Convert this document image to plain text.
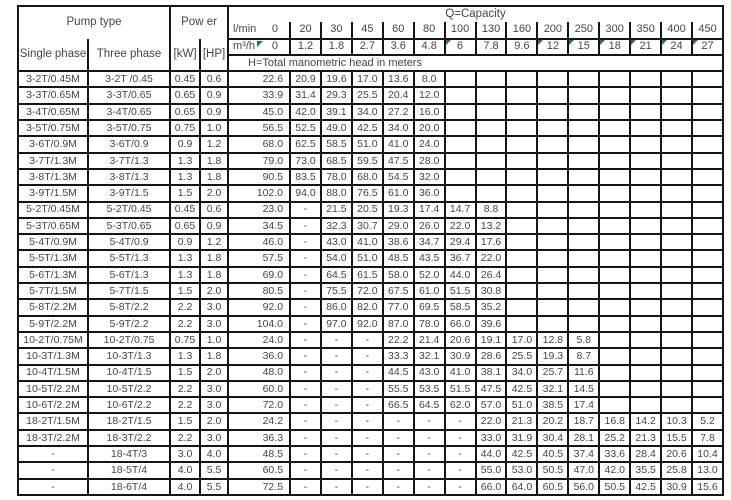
Pump type		Pow er		Q=Capacity														

				l/min 0	20	30	45	60	80	100	130	160	200	250	300	350	400	450
Single phase	Three phase	[kW]	[HP]	m³/h 0	1.2	1.8	2.7	3.6	4.8	6	7.8	9.6	12	15	18	21	24	27

				H=Total manometric head in meters														
3-2T/0.45M	3-2T /0.45	0.45	0.6	22.6	20.9	19.6	17.0	13.6	8.0									
3-3T/0.65M	3-3T/0.65	0.65	0.9	33.9	31.4	29.3	25.5	20.4	12.0									
3-4T/0.65M	3-4T/0.65	0.65	0.9	45.0	42.0	39.1	34.0	27.2	16.0									
3-5T/0.75M	3-5T/0.75	0.75	1.0	56.5	52.5	49.0	42.5	34.0	20.0									
3-6T/0.9M	3-6T/0.9	0.9	1.2	68.0	62.5	58.5	51.0	41.0	24.0									
3-7T/1.3M	3-7T/1.3	1.3	1.8	79.0	73.0	68.5	59.5	47.5	28.0									
3-8T/1.3M	3-8T/1.3	1.3	1.8	90.5	83.5	78.0	68.0	54.5	32.0									
3-9T/1.5M	3-9T/1.5	1.5	2.0	102.0	94.0	88.0	76.5	61.0	36.0									
5-2T/0.45M	5-2T/0.45	0.45	0.6	23.0	-	21.5	20.5	19.3	17.4	14.7	8.8							
5-3T/0.65M	5-3T/0.65	0.65	0.9	34.5	-	32.3	30.7	29.0	26.0	22.0	13.2							
5-4T/0.9M	5-4T/0.9	0.9	1.2	46.0	-	43.0	41.0	38.6	34.7	29.4	17.6							
5-5T/1.3M	5-5T/1.3	1.3	1.8	57.5	-	54.0	51.0	48.5	43.5	36.7	22.0							
5-6T/1.3M	5-6T/1.3	1.3	1.8	69.0	-	64.5	61.5	58.0	52.0	44.0	26.4							
5-7T/1.5M	5-7T/1.5	1.5	2.0	80.5	-	75.5	72.0	67.5	61.0	51.5	30.8							
5-8T/2.2M	5-8T/2.2	2.2	3.0	92.0	-	86.0	82.0	77.0	69.5	58.5	35.2							
5-9T/2.2M	5-9T/2.2	2.2	3.0	104.0	-	97.0	92.0	87.0	78.0	66.0	39.6							
10-2T/0.75M	10-2T/0.75	0.75	1.0	24.0	-	-	-	22.2	21.4	20.6	19.1	17.0	12.8	5.8				
10-3T/1.3M	10-3T/1.3	1.3	1.8	36.0	-	-	-	33.3	32.1	30.9	28.6	25.5	19.3	8.7				
10-4T/1.5M	10-4T/1.5	1.5	2.0	48.0	-	-	-	44.5	43.0	41.0	38.1	34.0	25.7	11.6				
10-5T/2.2M	10-5T/2.2	2.2	3.0	60.0	-	-	-	55.5	53.5	51.5	47.5	42.5	32.1	14.5				
10-6T/2.2M	10-6T/2.2	2.2	3.0	72.0	-	-	-	66.5	64.5	62.0	57.0	51.0	38.5	17.4				
18-2T/1.5M	18-2T/1.5	1.5	2.0	24.2	-	-	-	-	-	-	22.0	21.3	20.2	18.7	16.8	14.2	10.3	5.2
18-3T/2.2M	18-3T/2.2	2.2	3.0	36.3	-	-	-	-	-	-	33.0	31.9	30.4	28.1	25.2	21.3	15.5	7.8
-	18-4T/3	3.0	4.0	48.5	-	-	-	-	-	-	44.0	42.5	40.5	37.4	33.6	28.4	20.6	10.4
-	18-5T/4	4.0	5.5	60.5	-	-	-	-	-	-	55.0	53.0	50.5	47.0	42.0	35.5	25.8	13.0
-	18-6T/4	4.0	5.5	72.5	-	-	-	-	-	-	66.0	64.0	60.5	56.0	50.5	42.5	30.9	15.6
